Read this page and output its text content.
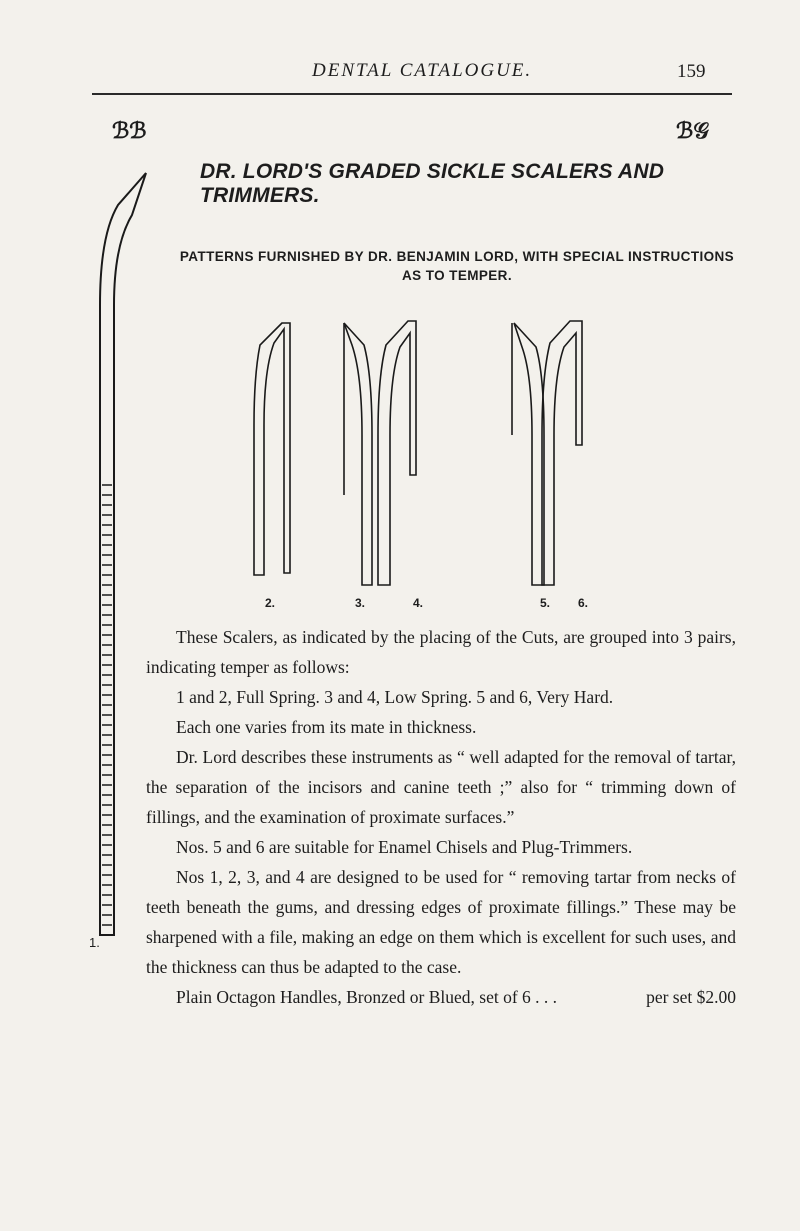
DENTAL CATALOGUE.	159
ℬℬ	ℬ𝒢
DR. LORD'S GRADED SICKLE SCALERS AND TRIMMERS.
PATTERNS FURNISHED BY DR. BENJAMIN LORD, WITH SPECIAL INSTRUCTIONS AS TO TEMPER.
1.
2.	3.	4.	5. 6.

These Scalers, as indicated by the placing of the Cuts, are grouped into 3 pairs, indicating temper as follows:

1 and 2, Full Spring. 3 and 4, Low Spring. 5 and 6, Very Hard.

Each one varies from its mate in thickness.

Dr. Lord describes these instruments as “ well adapted for the removal of tartar, the separation of the incisors and canine teeth ;” also for “ trimming down of fillings, and the examination of proximate surfaces.”

Nos. 5 and 6 are suitable for Enamel Chisels and Plug-Trimmers.

Nos 1, 2, 3, and 4 are designed to be used for “ removing tartar from necks of teeth beneath the gums, and dressing edges of proximate fillings.” These may be sharpened with a file, making an edge on them which is excellent for such uses, and the thickness can thus be adapted to the case.

Plain Octagon Handles, Bronzed or Blued, set of 6 . . .	per set $2.00
